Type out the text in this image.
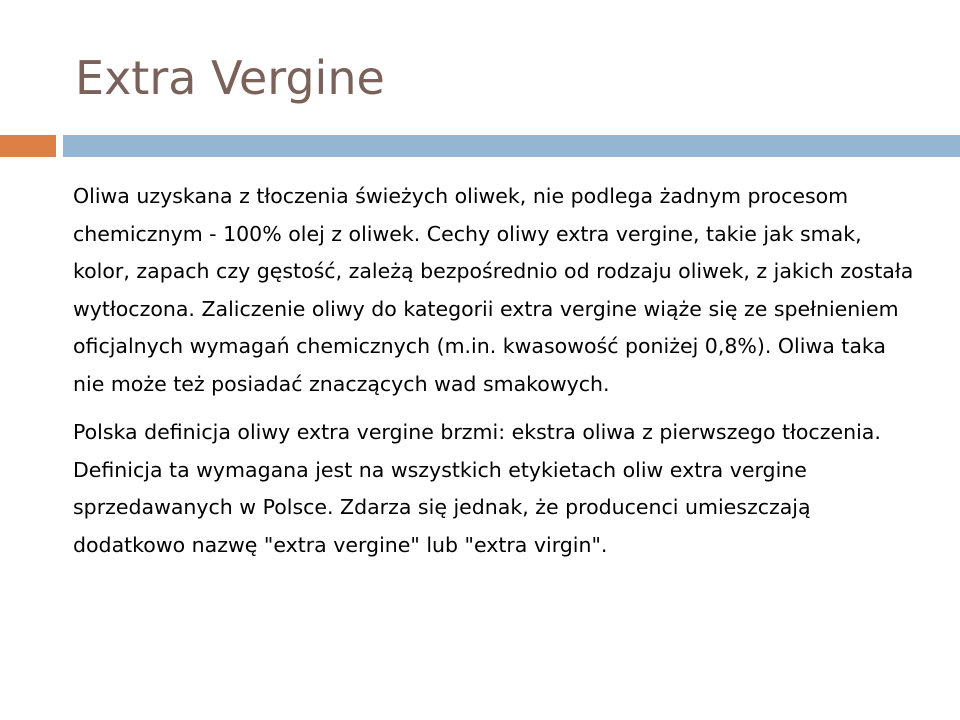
Extra Vergine

Oliwa uzyskana z tłoczenia świeżych oliwek, nie podlega żadnym procesom chemicznym - 100% olej z oliwek. Cechy oliwy extra vergine, takie jak smak, kolor, zapach czy gęstość, zależą bezpośrednio od rodzaju oliwek, z jakich została wytłoczona. Zaliczenie oliwy do kategorii extra vergine wiąże się ze spełnieniem oficjalnych wymagań chemicznych (m.in. kwasowość poniżej 0,8%). Oliwa taka nie może też posiadać znaczących wad smakowych.

Polska definicja oliwy extra vergine brzmi: ekstra oliwa z pierwszego tłoczenia. Definicja ta wymagana jest na wszystkich etykietach oliw extra vergine sprzedawanych w Polsce. Zdarza się jednak, że producenci umieszczają dodatkowo nazwę "extra vergine" lub "extra virgin".
